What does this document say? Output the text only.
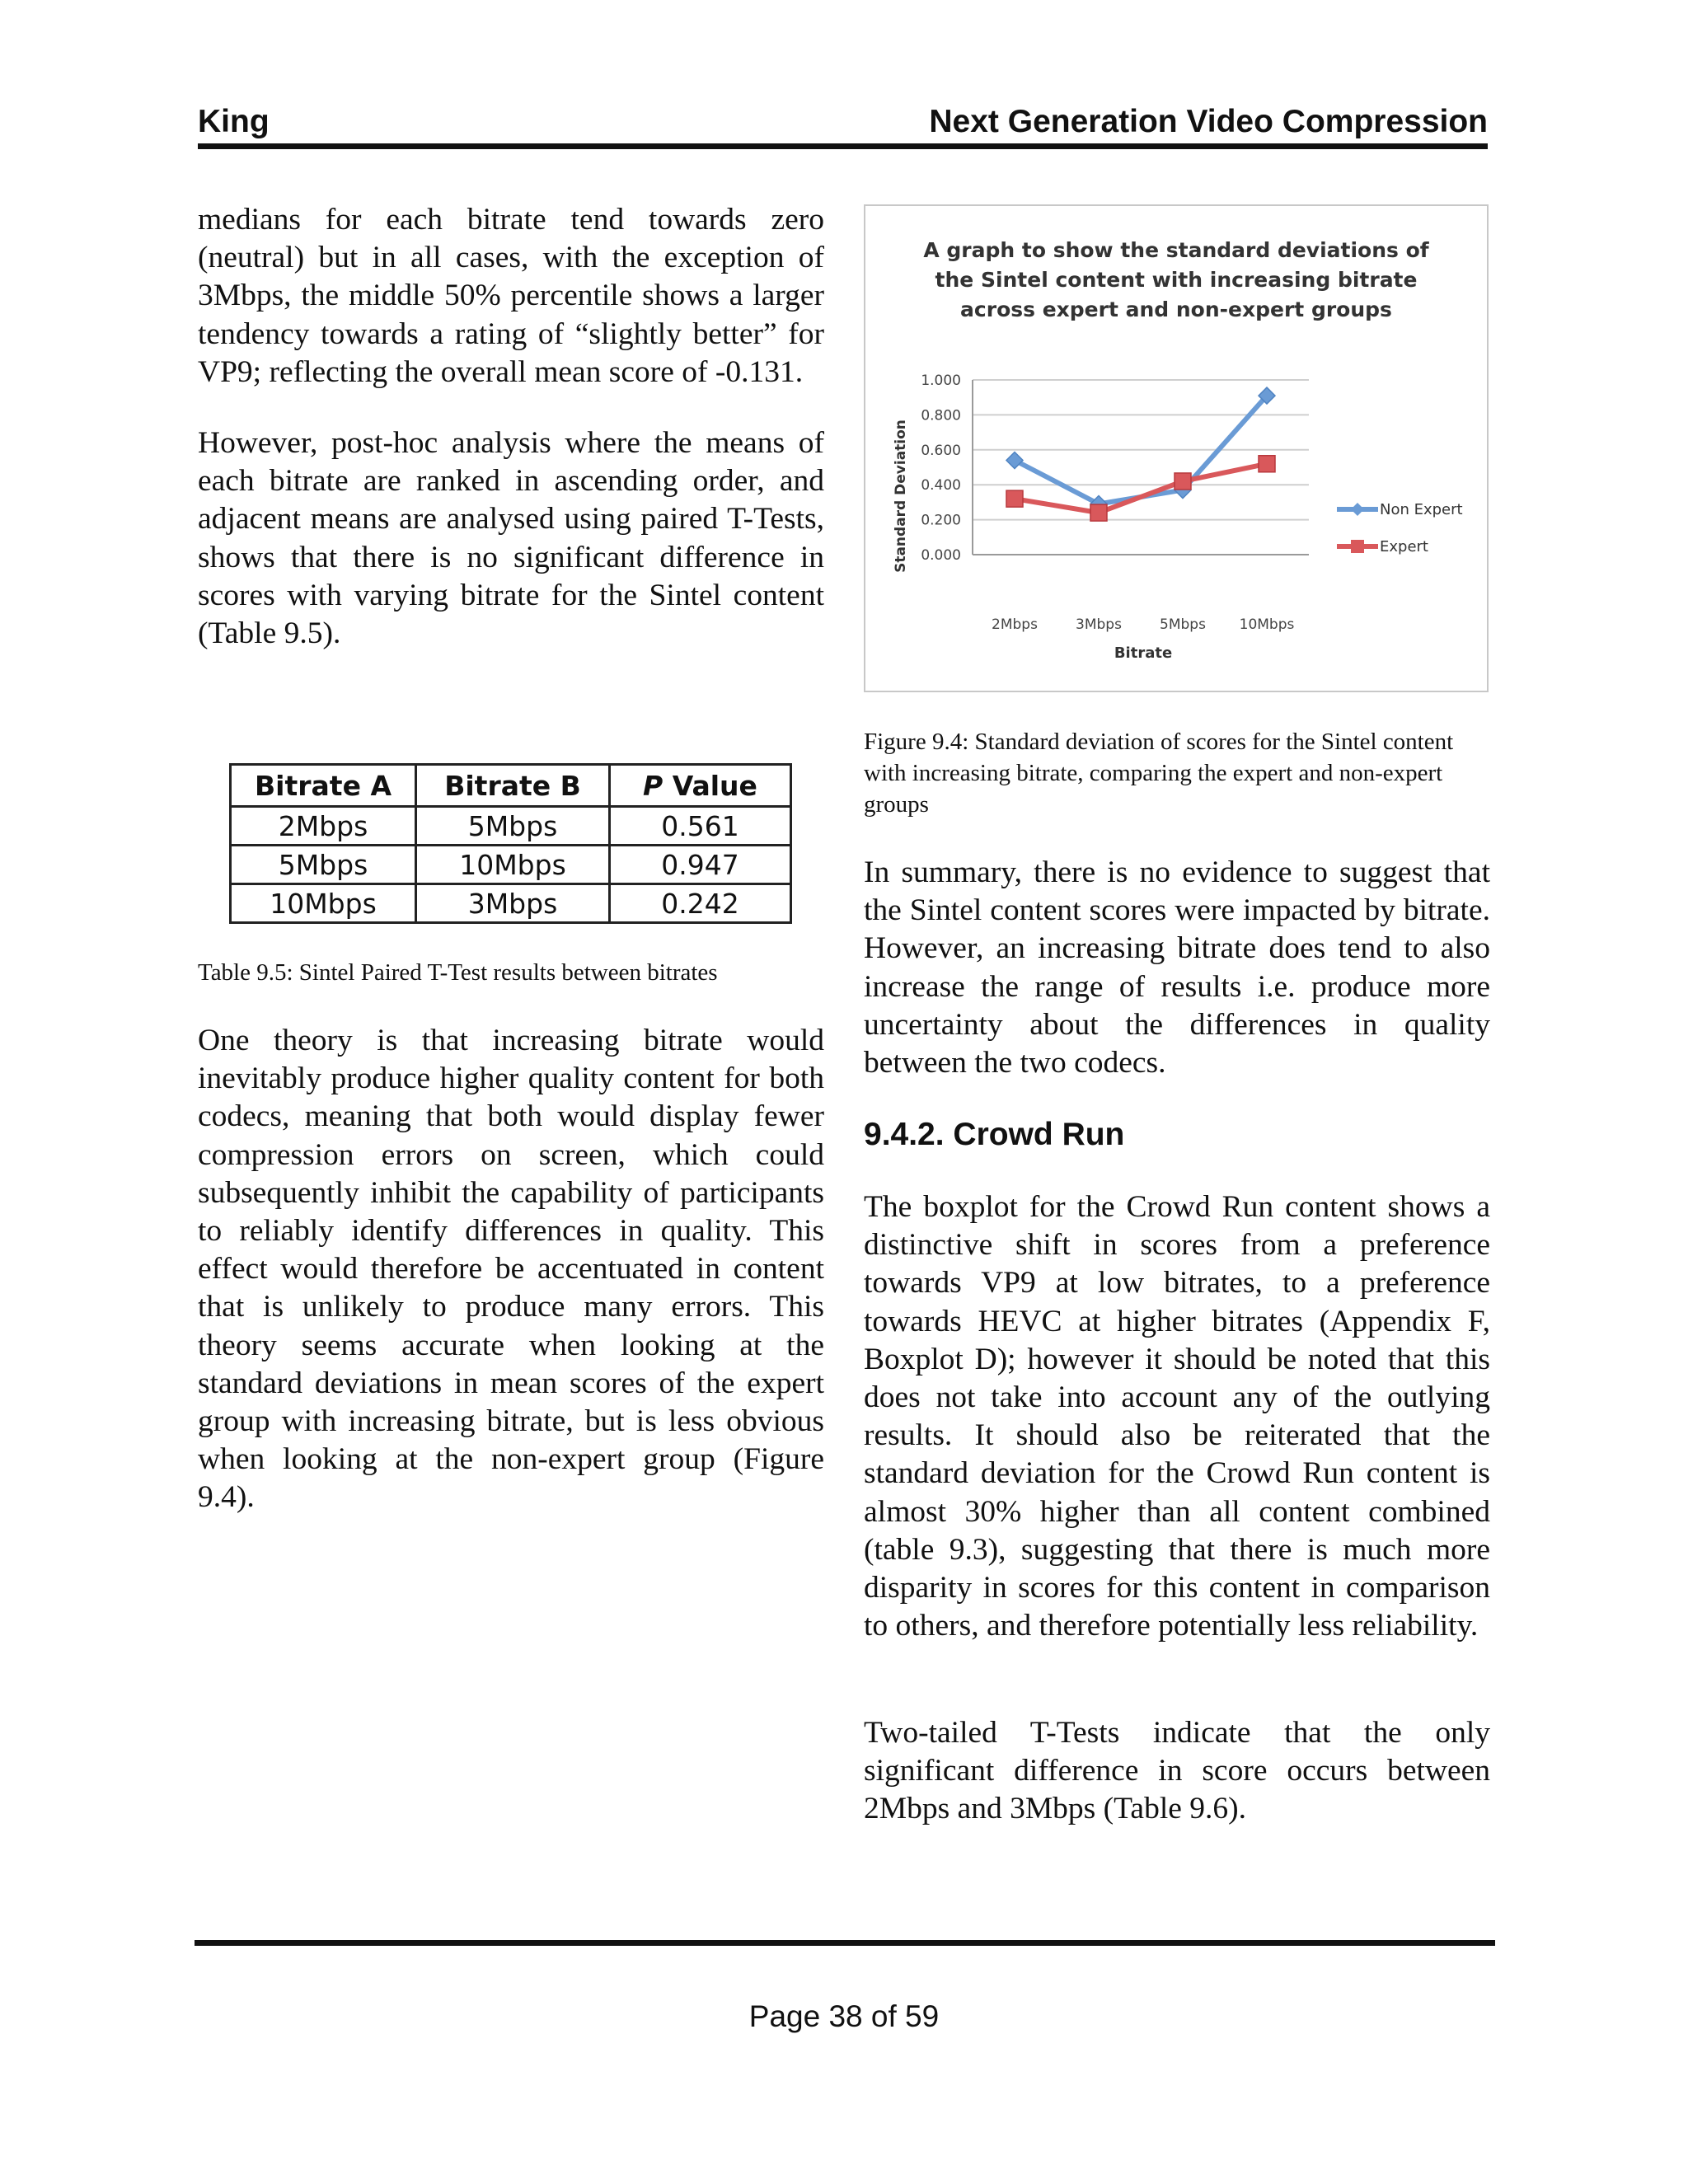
King	Next Generation Video Compression

medians for each bitrate tend towards zero (neutral) but in all cases, with the exception of 3Mbps, the middle 50% percentile shows a larger tendency towards a rating of “slightly better” for VP9; reflecting the overall mean score of -0.131.

However, post-hoc analysis where the means of each bitrate are ranked in ascending order, and adjacent means are analysed using paired T-Tests, shows that there is no significant difference in scores with varying bitrate for the Sintel content (Table 9.5).

Bitrate A	Bitrate B	P Value
2Mbps	5Mbps	0.561
5Mbps	10Mbps	0.947
10Mbps	3Mbps	0.242

Table 9.5: Sintel Paired T-Test results between bitrates

One theory is that increasing bitrate would inevitably produce higher quality content for both codecs, meaning that both would display fewer compression errors on screen, which could subsequently inhibit the capability of participants to reliably identify differences in quality. This effect would therefore be accentuated in content that is unlikely to produce many errors. This theory seems accurate when looking at the standard deviations in mean scores of the expert group with increasing bitrate, but is less obvious when looking at the non-expert group (Figure 9.4).

A graph to show the standard deviations of
the Sintel content with increasing bitrate
across expert and non-expert groups
0.000
0.200
0.400
0.600
0.800
1.000
2Mbps	3Mbps	5Mbps 10Mbps
Standard Deviation
Bitrate
Non Expert
Expert

Figure 9.4: Standard deviation of scores for the Sintel content with increasing bitrate, comparing the expert and non-expert groups

In summary, there is no evidence to suggest that the Sintel content scores were impacted by bitrate. However, an increasing bitrate does tend to also increase the range of results i.e. produce more uncertainty about the differences in quality between the two codecs.

9.4.2. Crowd Run

The boxplot for the Crowd Run content shows a distinctive shift in scores from a preference towards VP9 at low bitrates, to a preference towards HEVC at higher bitrates (Appendix F, Boxplot D); however it should be noted that this does not take into account any of the outlying results. It should also be reiterated that the standard deviation for the Crowd Run content is almost 30% higher than all content combined (table 9.3), suggesting that there is much more disparity in scores for this content in comparison to others, and therefore potentially less reliability.

Two-tailed T-Tests indicate that the only significant difference in score occurs between 2Mbps and 3Mbps (Table 9.6).

Page 38 of 59
